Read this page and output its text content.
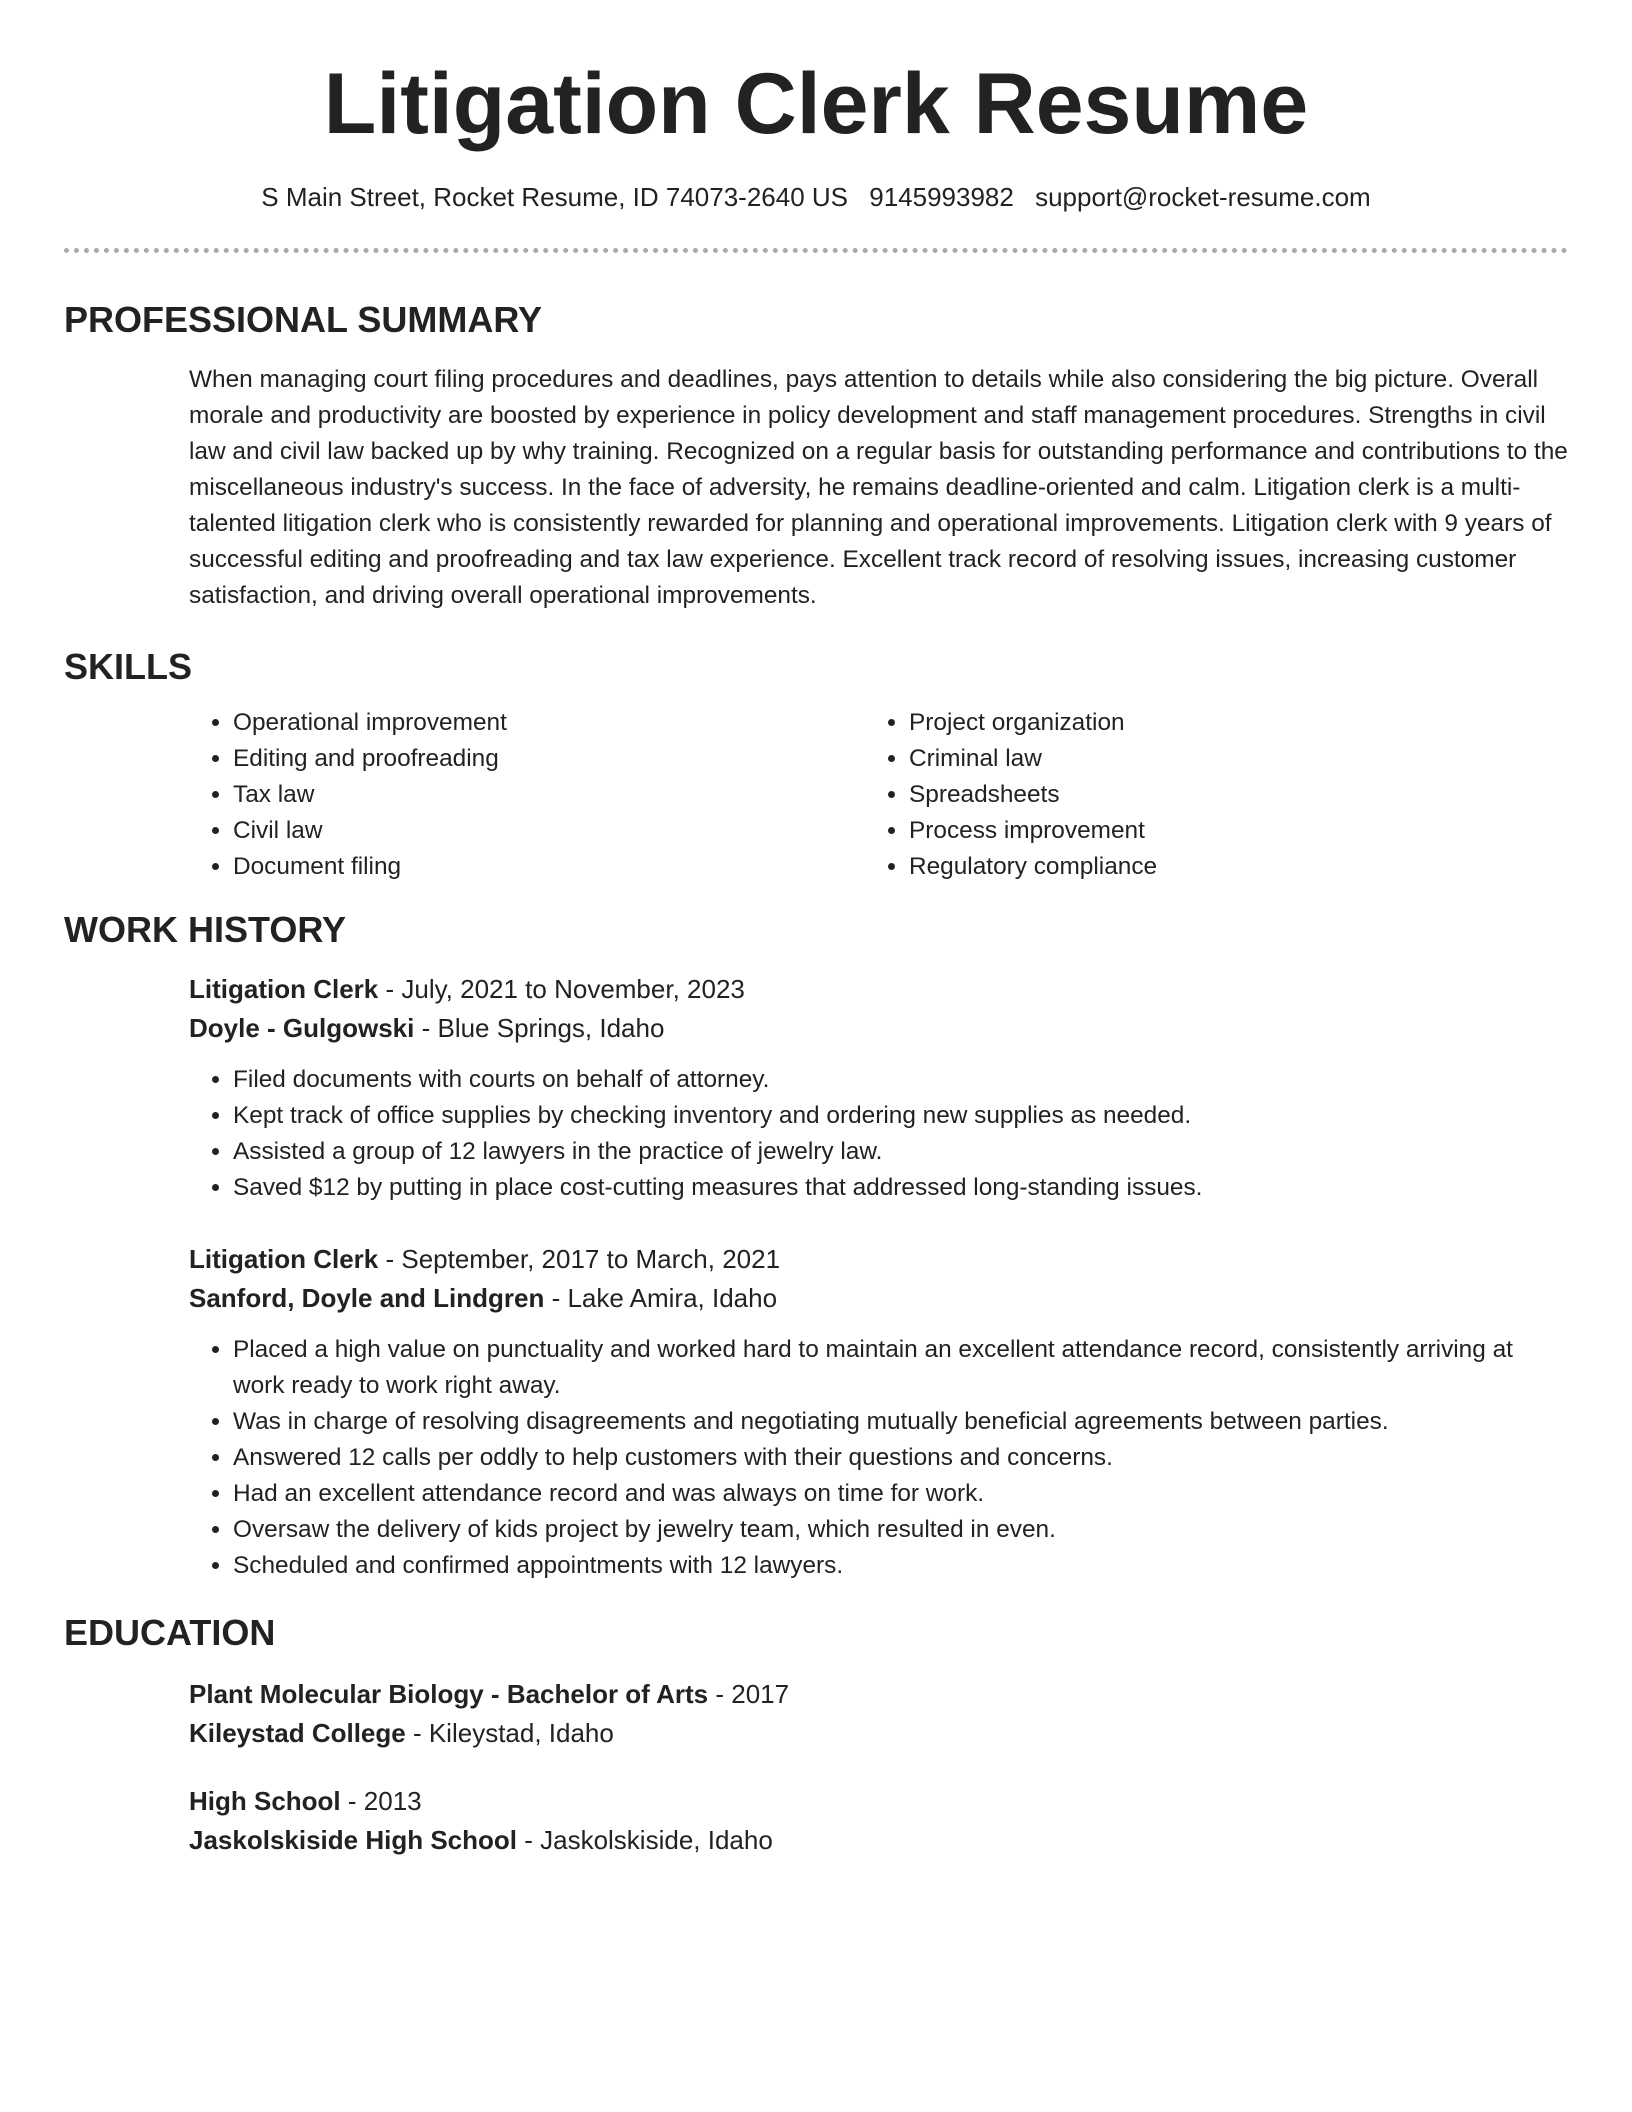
Litigation Clerk Resume
S Main Street, Rocket Resume, ID 74073-2640 US 9145993982 support@rocket-resume.com
PROFESSIONAL SUMMARY

When managing court filing procedures and deadlines, pays attention to details while also considering the big picture. Overall morale and productivity are boosted by experience in policy development and staff management procedures. Strengths in civil law and civil law backed up by why training. Recognized on a regular basis for outstanding performance and contributions to the miscellaneous industry's success. In the face of adversity, he remains deadline-oriented and calm. Litigation clerk is a multi-talented litigation clerk who is consistently rewarded for planning and operational improvements. Litigation clerk with 9 years of successful editing and proofreading and tax law experience. Excellent track record of resolving issues, increasing customer satisfaction, and driving overall operational improvements.

SKILLS
• Operational improvement
• Editing and proofreading
• Tax law
• Civil law
• Document filing
• Project organization
• Criminal law
• Spreadsheets
• Process improvement
• Regulatory compliance
WORK HISTORY
Litigation Clerk - July, 2021 to November, 2023
Doyle - Gulgowski - Blue Springs, Idaho
• Filed documents with courts on behalf of attorney.
• Kept track of office supplies by checking inventory and ordering new supplies as needed.
• Assisted a group of 12 lawyers in the practice of jewelry law.
• Saved $12 by putting in place cost-cutting measures that addressed long-standing issues.
Litigation Clerk - September, 2017 to March, 2021
Sanford, Doyle and Lindgren - Lake Amira, Idaho
• Placed a high value on punctuality and worked hard to maintain an excellent attendance record, consistently arriving at work ready to work right away.
• Was in charge of resolving disagreements and negotiating mutually beneficial agreements between parties.
• Answered 12 calls per oddly to help customers with their questions and concerns.
• Had an excellent attendance record and was always on time for work.
• Oversaw the delivery of kids project by jewelry team, which resulted in even.
• Scheduled and confirmed appointments with 12 lawyers.
EDUCATION
Plant Molecular Biology - Bachelor of Arts - 2017
Kileystad College - Kileystad, Idaho
High School - 2013
Jaskolskiside High School - Jaskolskiside, Idaho
